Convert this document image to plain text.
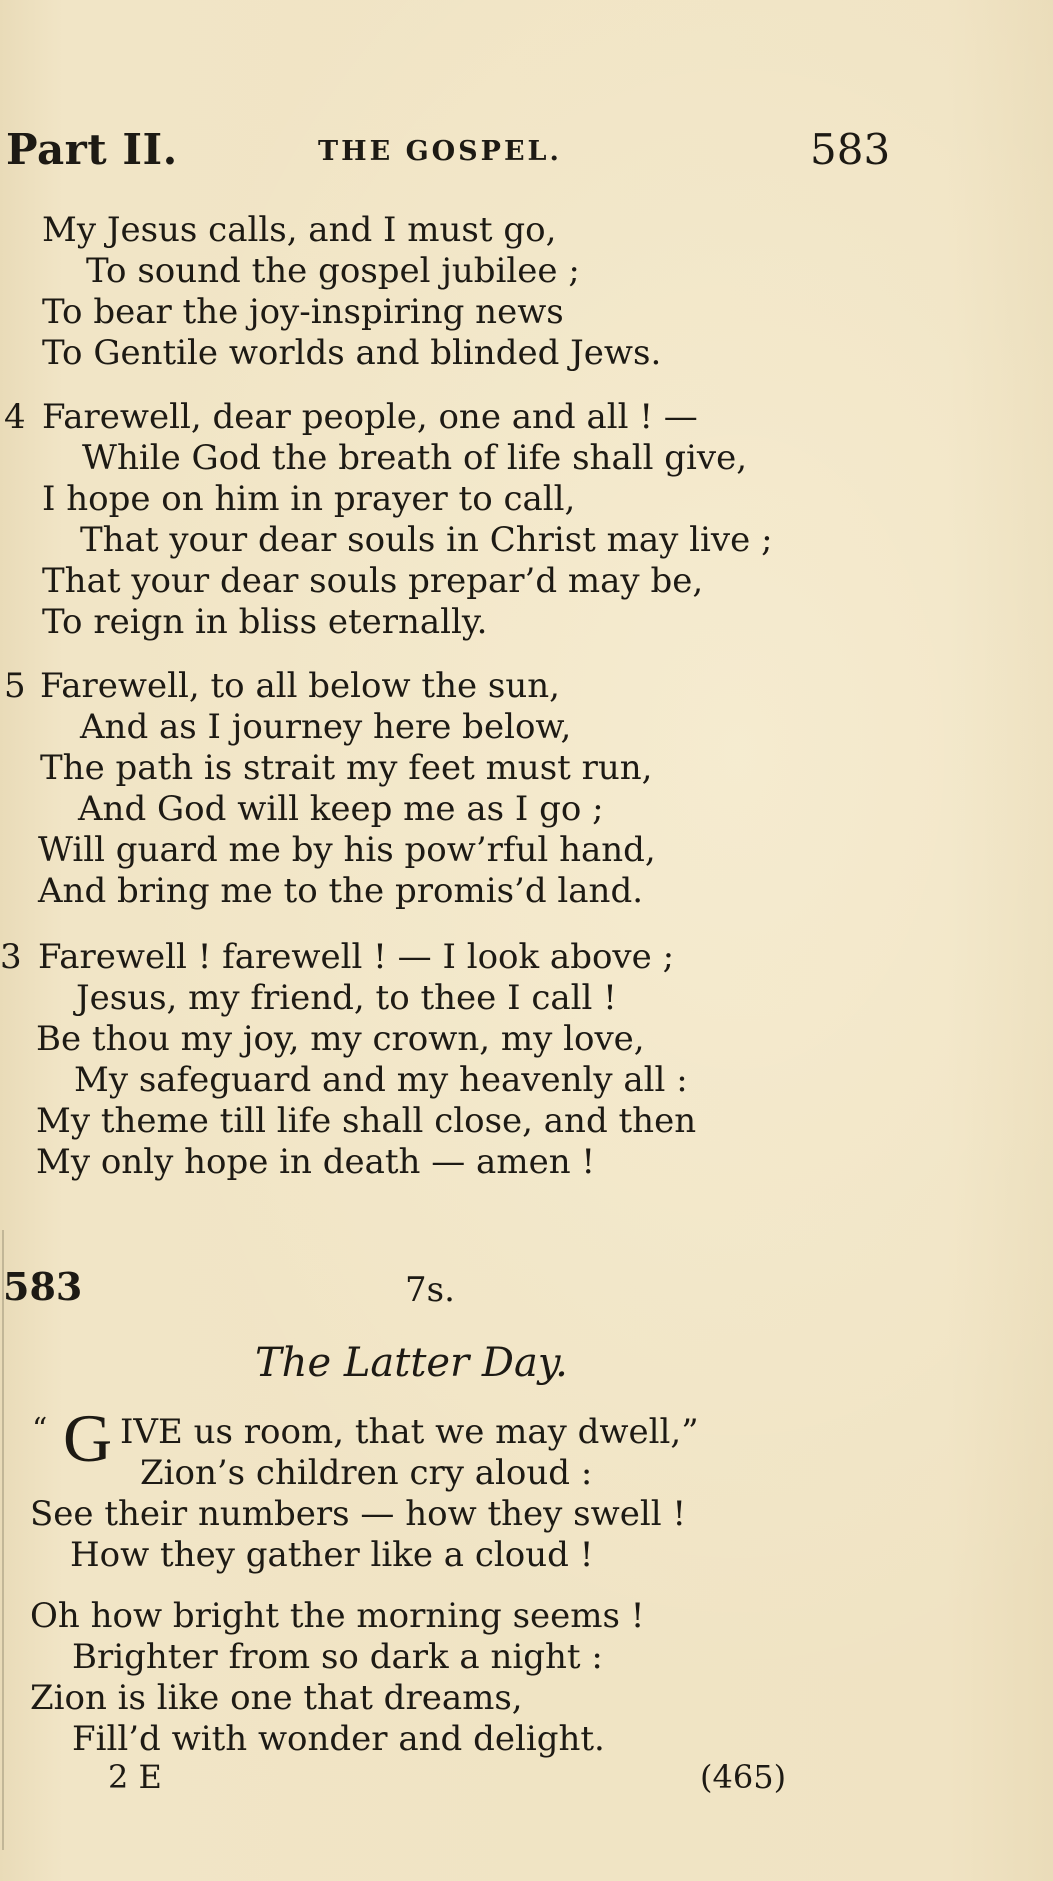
Part II.	THE GOSPEL.	583
My Jesus calls, and I must go,
To sound the gospel jubilee ;
To bear the joy-inspiring news
To Gentile worlds and blinded Jews.
4 Farewell, dear people, one and all ! —
While God the breath of life shall give,
I hope on him in prayer to call,
That your dear souls in Christ may live ;
That your dear souls prepar’d may be,
To reign in bliss eternally.
5 Farewell, to all below the sun,
And as I journey here below,
The path is strait my feet must run,
And God will keep me as I go ;
Will guard me by his pow’rful hand,
And bring me to the promis’d land.
3 Farewell ! farewell ! — I look above ;
Jesus, my friend, to thee I call !
Be thou my joy, my crown, my love,
My safeguard and my heavenly all :
My theme till life shall close, and then
My only hope in death — amen !
583	7s.
The Latter Day.
“ G IVE us room, that we may dwell,”
Zion’s children cry aloud :
See their numbers — how they swell !
How they gather like a cloud !
Oh how bright the morning seems !
Brighter from so dark a night :
Zion is like one that dreams,
Fill’d with wonder and delight.
2 E	(465)
